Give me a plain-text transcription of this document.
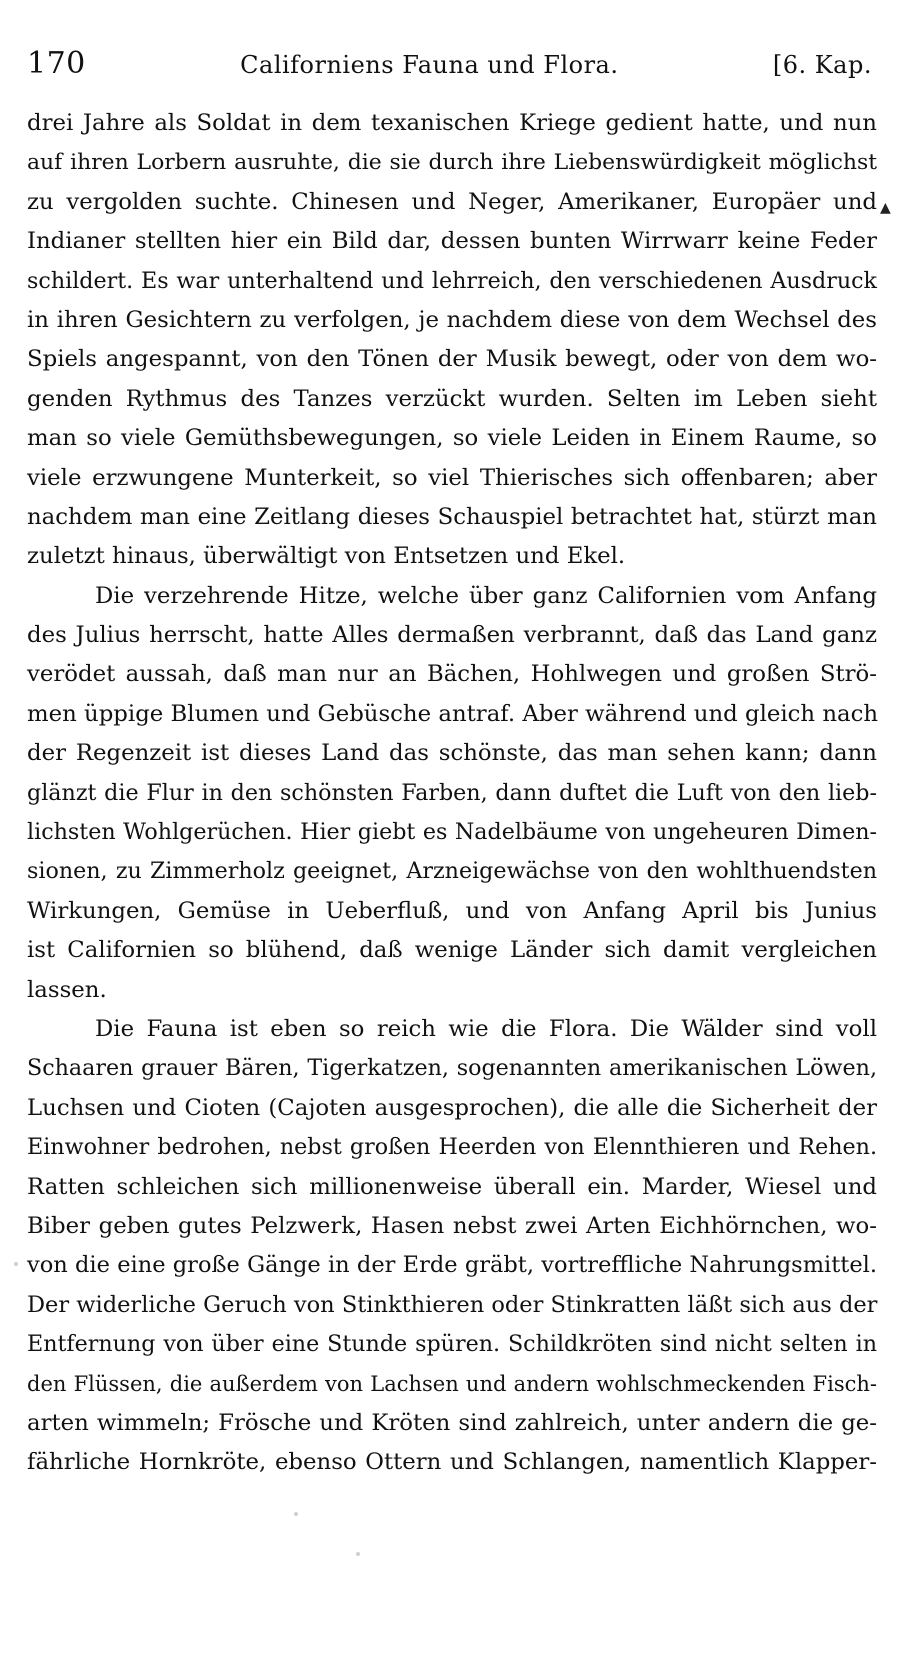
170	Californiens Fauna und Flora.	[6. Kap.
▲
drei Jahre als Soldat in dem texanischen Kriege gedient hatte, und nun
auf ihren Lorbern ausruhte, die sie durch ihre Liebenswürdigkeit möglichst
zu vergolden suchte. Chinesen und Neger, Amerikaner, Europäer und
Indianer stellten hier ein Bild dar, dessen bunten Wirrwarr keine Feder
schildert. Es war unterhaltend und lehrreich, den verschiedenen Ausdruck
in ihren Gesichtern zu verfolgen, je nachdem diese von dem Wechsel des
Spiels angespannt, von den Tönen der Musik bewegt, oder von dem wo-
genden Rythmus des Tanzes verzückt wurden. Selten im Leben sieht
man so viele Gemüthsbewegungen, so viele Leiden in Einem Raume, so
viele erzwungene Munterkeit, so viel Thierisches sich offenbaren; aber
nachdem man eine Zeitlang dieses Schauspiel betrachtet hat, stürzt man
zuletzt hinaus, überwältigt von Entsetzen und Ekel.
Die verzehrende Hitze, welche über ganz Californien vom Anfang
des Julius herrscht, hatte Alles dermaßen verbrannt, daß das Land ganz
verödet aussah, daß man nur an Bächen, Hohlwegen und großen Strö-
men üppige Blumen und Gebüsche antraf. Aber während und gleich nach
der Regenzeit ist dieses Land das schönste, das man sehen kann; dann
glänzt die Flur in den schönsten Farben, dann duftet die Luft von den lieb-
lichsten Wohlgerüchen. Hier giebt es Nadelbäume von ungeheuren Dimen-
sionen, zu Zimmerholz geeignet, Arzneigewächse von den wohlthuendsten
Wirkungen, Gemüse in Ueberfluß, und von Anfang April bis Junius
ist Californien so blühend, daß wenige Länder sich damit vergleichen
lassen.
Die Fauna ist eben so reich wie die Flora. Die Wälder sind voll
Schaaren grauer Bären, Tigerkatzen, sogenannten amerikanischen Löwen,
Luchsen und Cioten (Cajoten ausgesprochen), die alle die Sicherheit der
Einwohner bedrohen, nebst großen Heerden von Elennthieren und Rehen.
Ratten schleichen sich millionenweise überall ein. Marder, Wiesel und
Biber geben gutes Pelzwerk, Hasen nebst zwei Arten Eichhörnchen, wo-
von die eine große Gänge in der Erde gräbt, vortreffliche Nahrungsmittel.
Der widerliche Geruch von Stinkthieren oder Stinkratten läßt sich aus der
Entfernung von über eine Stunde spüren. Schildkröten sind nicht selten in
den Flüssen, die außerdem von Lachsen und andern wohlschmeckenden Fisch-
arten wimmeln; Frösche und Kröten sind zahlreich, unter andern die ge-
fährliche Hornkröte, ebenso Ottern und Schlangen, namentlich Klapper-
